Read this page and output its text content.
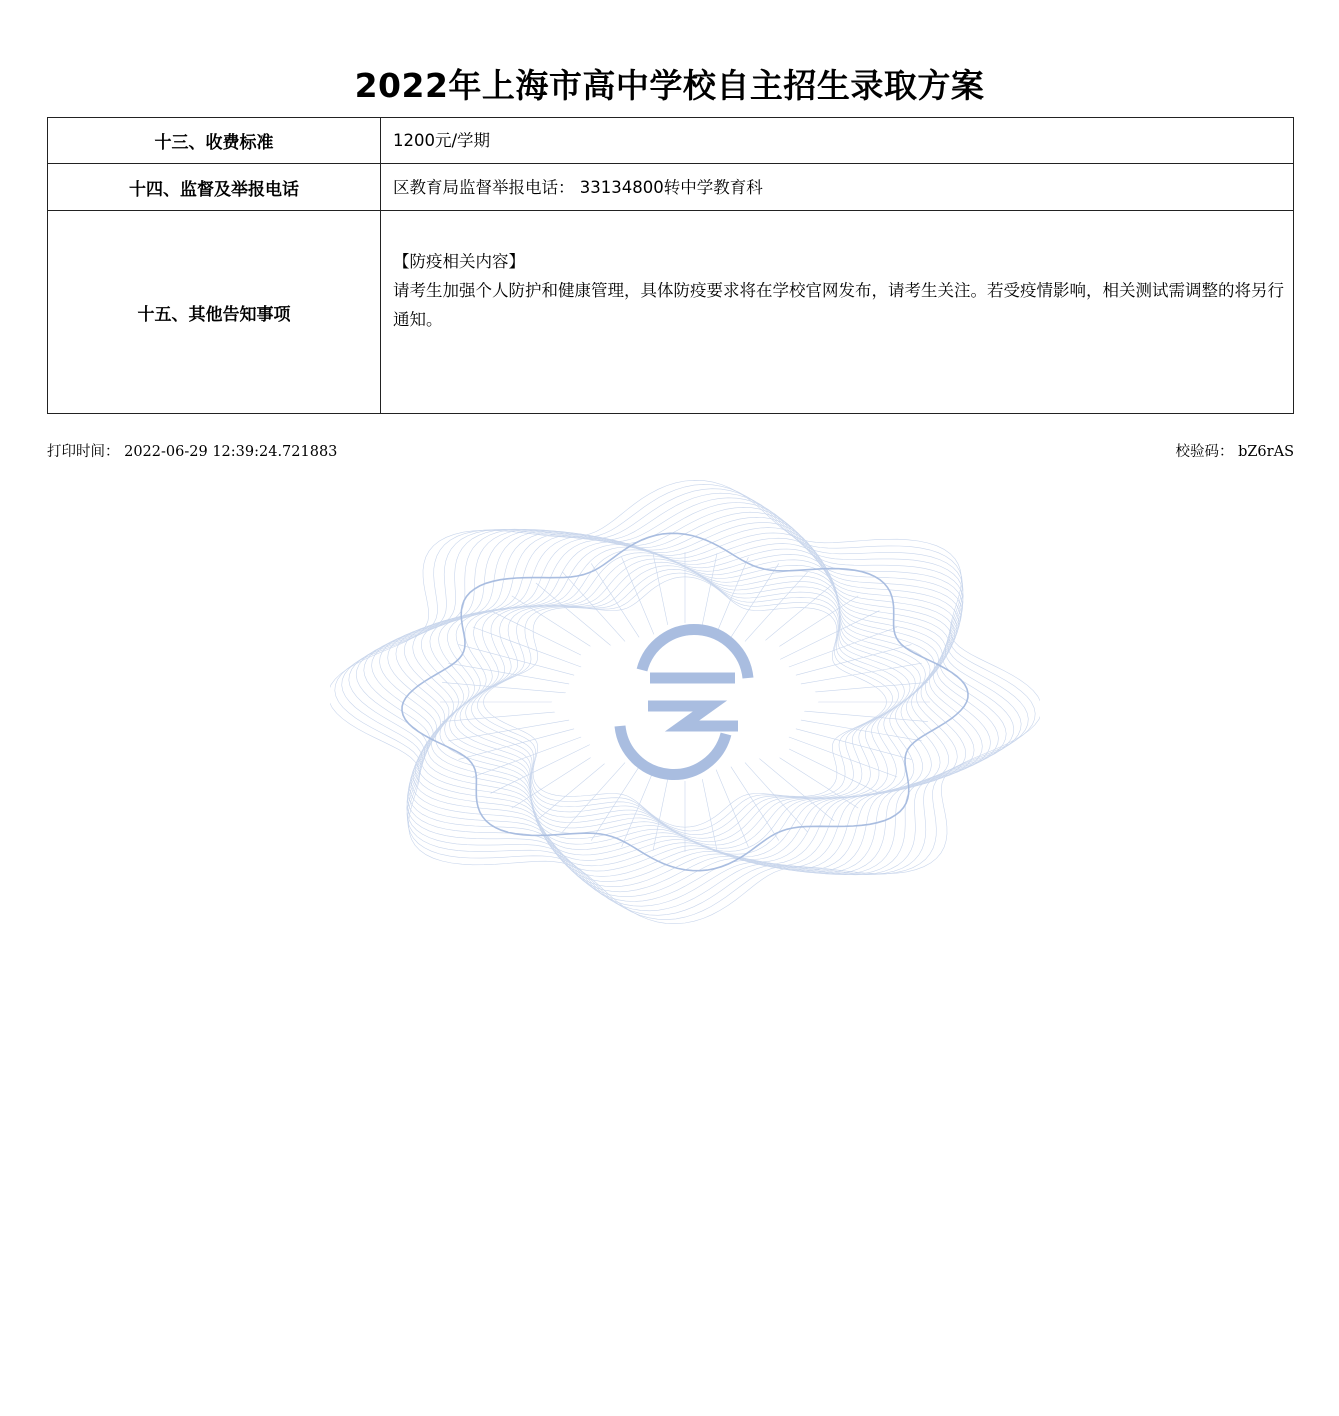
2022年上海市高中学校自主招生录取方案
十三、收费标准	1200元/学期
十四、监督及举报电话	区教育局监督举报电话： 33134800转中学教育科
十五、其他告知事项	【防疫相关内容】
请考生加强个人防护和健康管理，具体防疫要求将在学校官网发布，请考生关注。若受疫情影响，相关测试需调整的将另行通知。
打印时间： 2022-06-29 12:39:24.721883	校验码： bZ6rAS
